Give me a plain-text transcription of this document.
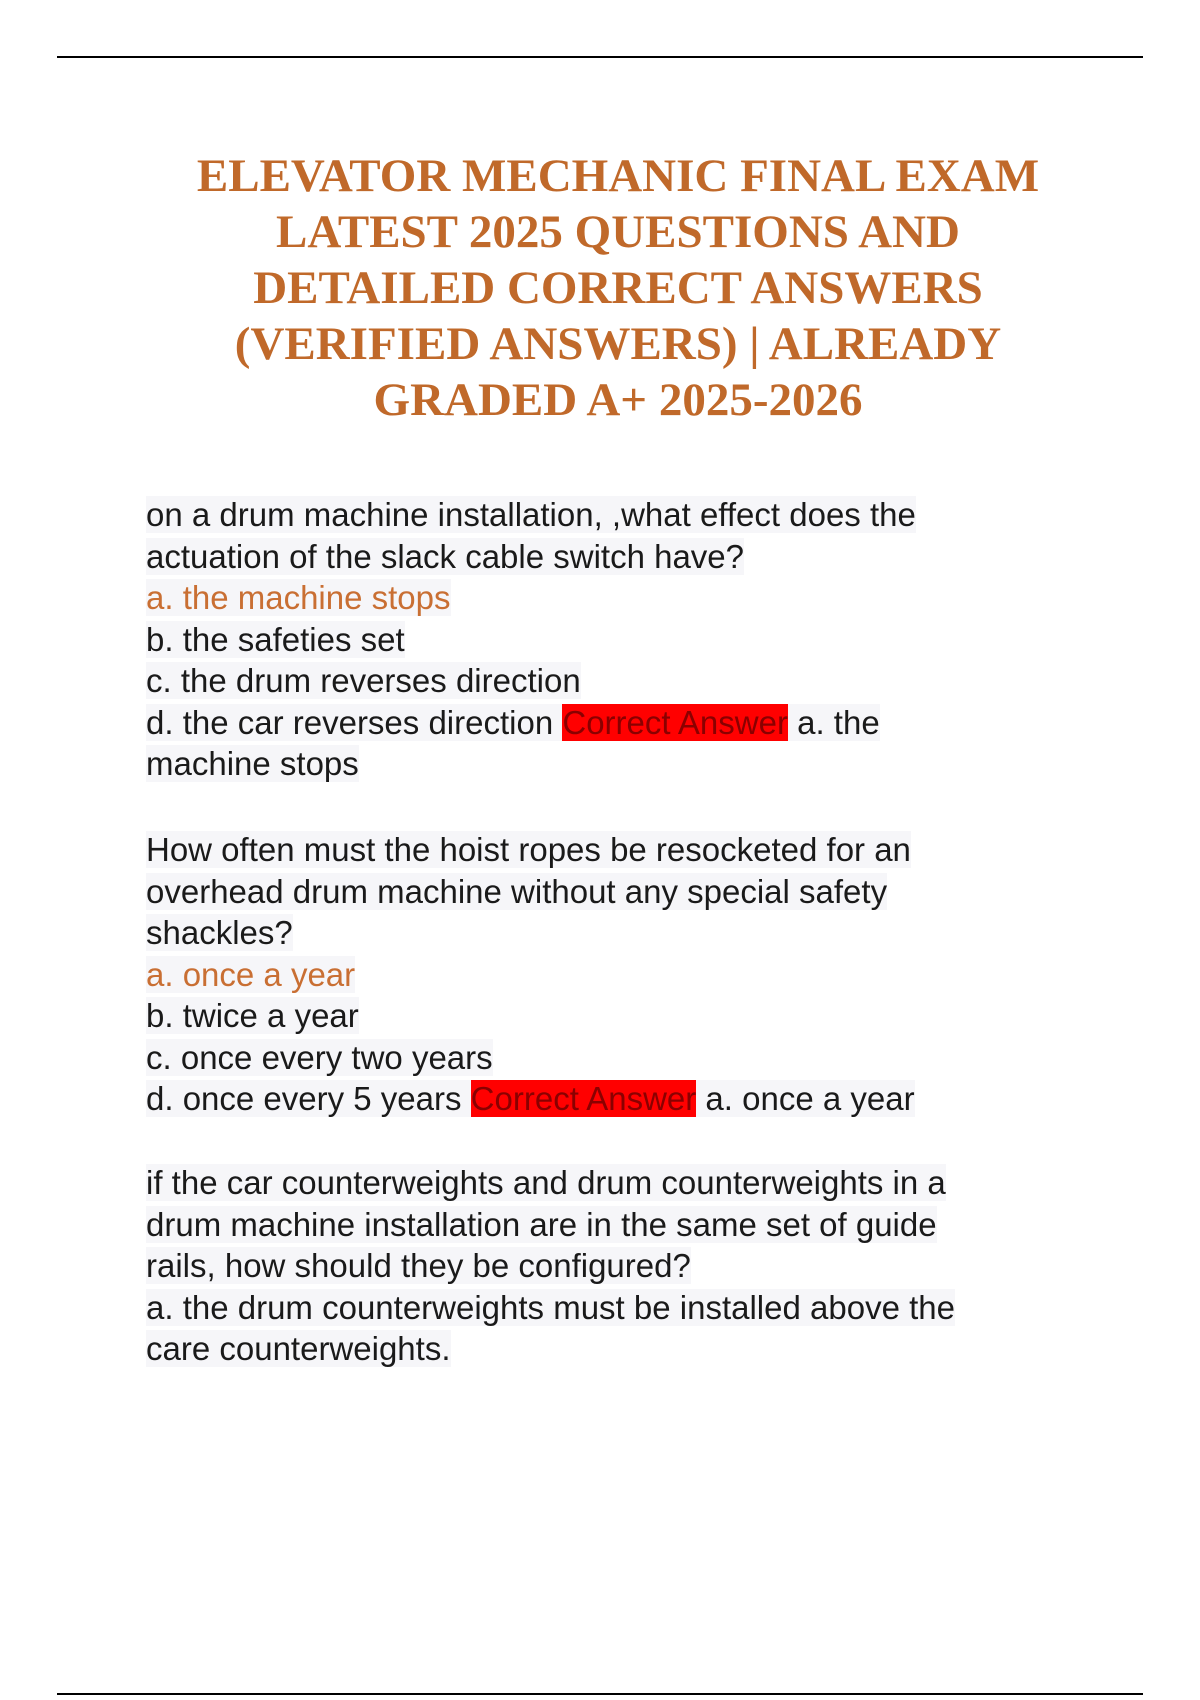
ELEVATOR MECHANIC FINAL EXAM
LATEST 2025 QUESTIONS AND
DETAILED CORRECT ANSWERS
(VERIFIED ANSWERS) | ALREADY
GRADED A+ 2025-2026
on a drum machine installation, ,what effect does the
actuation of the slack cable switch have?
a. the machine stops
b. the safeties set
c. the drum reverses direction
d. the car reverses direction Correct Answer a. the
machine stops
How often must the hoist ropes be resocketed for an
overhead drum machine without any special safety
shackles?
a. once a year
b. twice a year
c. once every two years
d. once every 5 years Correct Answer a. once a year
if the car counterweights and drum counterweights in a
drum machine installation are in the same set of guide
rails, how should they be configured?
a. the drum counterweights must be installed above the
care counterweights.
